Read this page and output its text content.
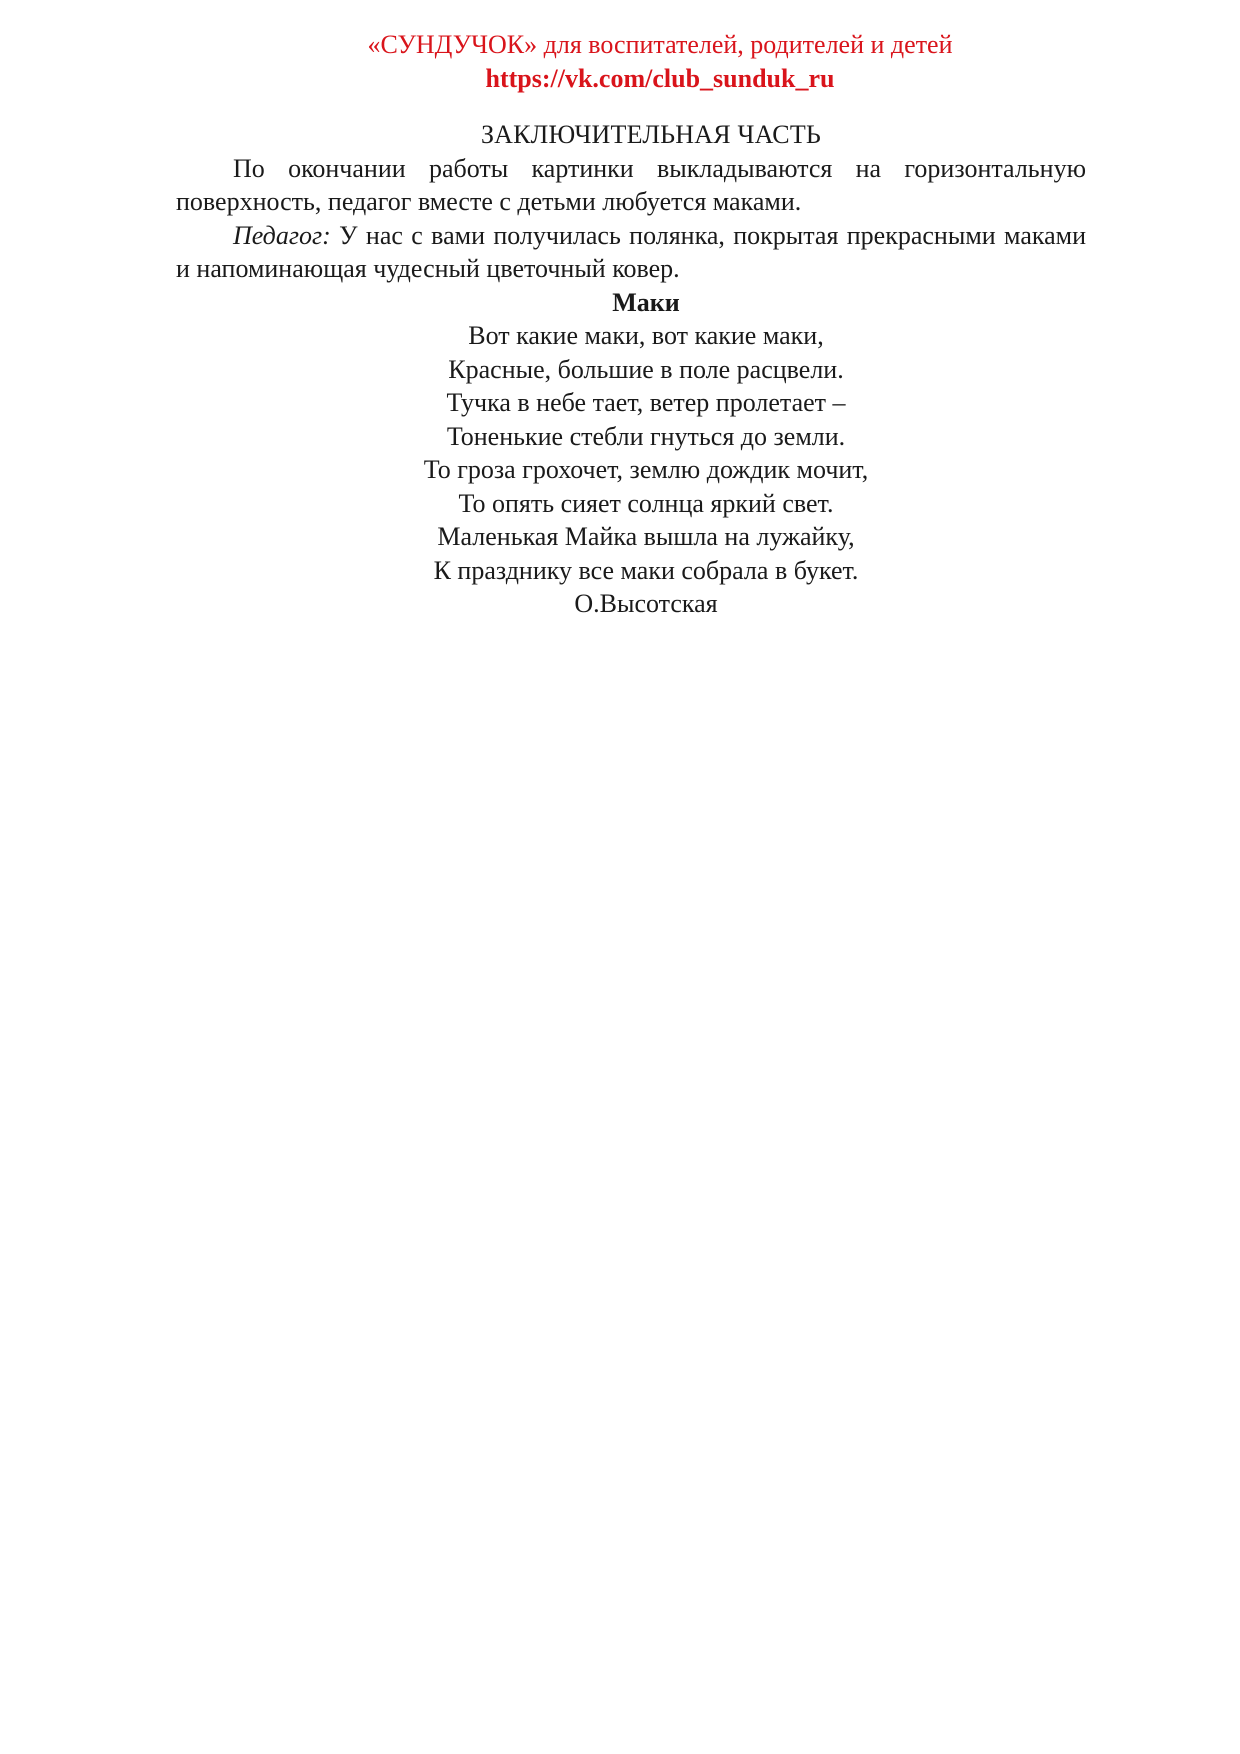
«СУНДУЧОК» для воспитателей, родителей и детей
https://vk.com/club_sunduk_ru
ЗАКЛЮЧИТЕЛЬНАЯ ЧАСТЬ

По окончании работы картинки выкладываются на горизонтальную поверхность, педагог вместе с детьми любуется маками.

Педагог: У нас с вами получилась полянка, покрытая прекрасными маками и напоминающая чудесный цветочный ковер.

Маки
Вот какие маки, вот какие маки,
Красные, большие в поле расцвели.
Тучка в небе тает, ветер пролетает –
Тоненькие стебли гнуться до земли.
То гроза грохочет, землю дождик мочит,
То опять сияет солнца яркий свет.
Маленькая Майка вышла на лужайку,
К празднику все маки собрала в букет.
О.Высотская
